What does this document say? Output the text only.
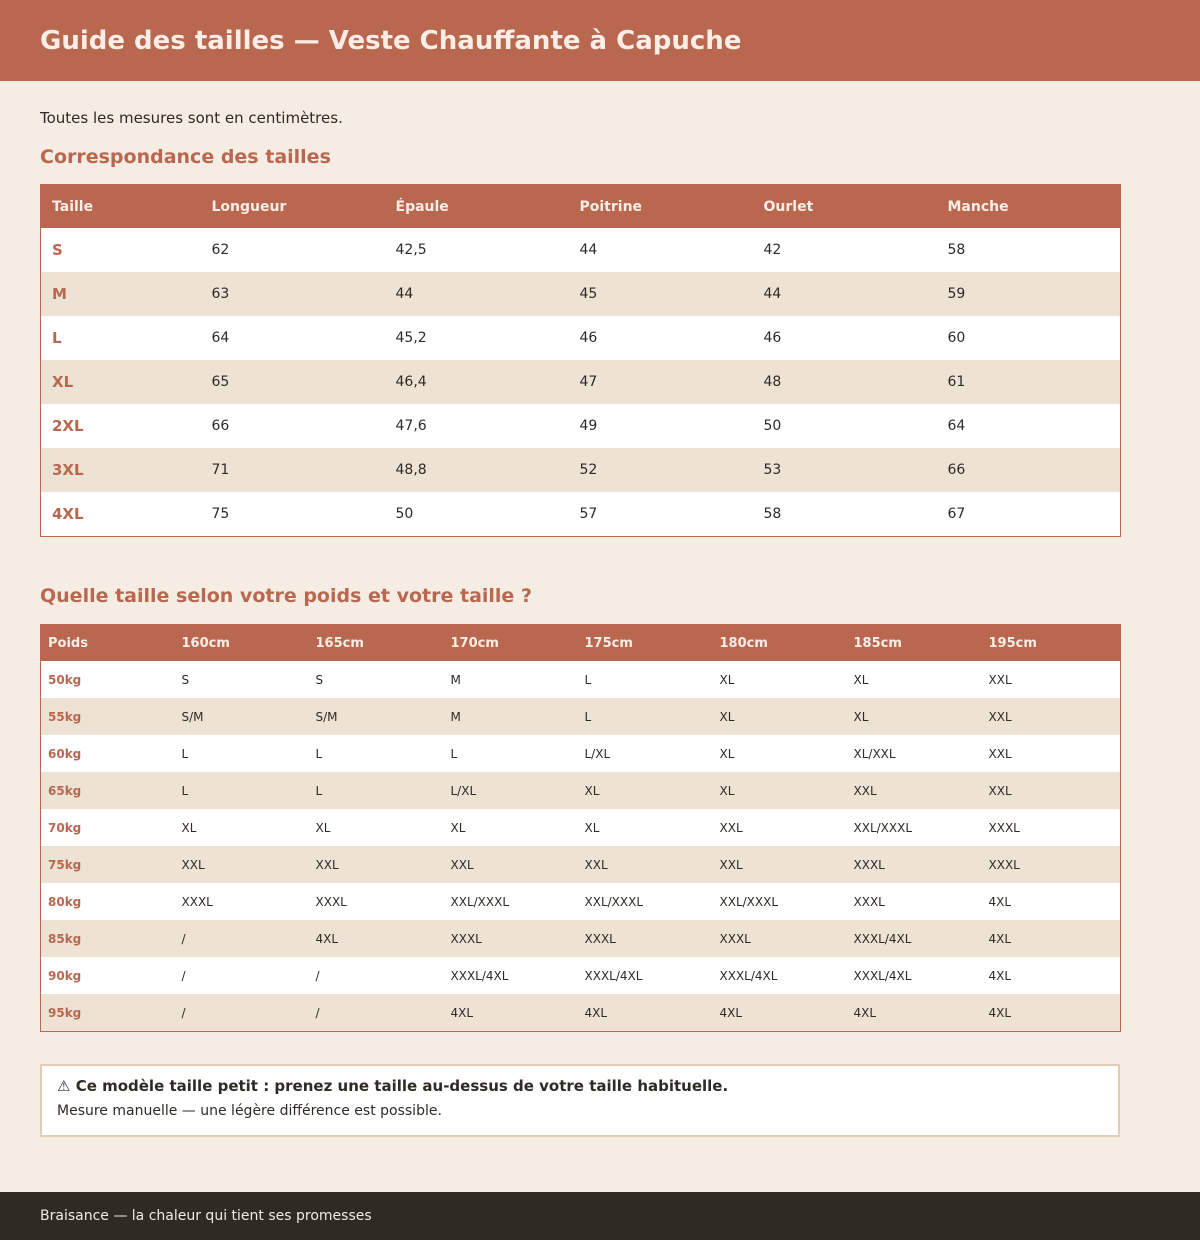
Guide des tailles — Veste Chauffante à Capuche

Toutes les mesures sont en centimètres.

Correspondance des tailles
Taille	Longueur	Épaule	Poitrine	Ourlet	Manche
S	62	42,5	44	42	58
M	63	44	45	44	59
L	64	45,2	46	46	60
XL	65	46,4	47	48	61
2XL	66	47,6	49	50	64
3XL	71	48,8	52	53	66
4XL	75	50	57	58	67
Quelle taille selon votre poids et votre taille ?
Poids	160cm	165cm	170cm	175cm	180cm	185cm	195cm
50kg	S	S	M	L	XL	XL	XXL
55kg	S/M	S/M	M	L	XL	XL	XXL
60kg	L	L	L	L/XL	XL	XL/XXL	XXL
65kg	L	L	L/XL	XL	XL	XXL	XXL
70kg	XL	XL	XL	XL	XXL	XXL/XXXL	XXXL
75kg	XXL	XXL	XXL	XXL	XXL	XXXL	XXXL
80kg	XXXL	XXXL	XXL/XXXL	XXL/XXXL	XXL/XXXL	XXXL	4XL
85kg	/	4XL	XXXL	XXXL	XXXL	XXXL/4XL	4XL
90kg	/	/	XXXL/4XL	XXXL/4XL	XXXL/4XL	XXXL/4XL	4XL
95kg	/	/	4XL	4XL	4XL	4XL	4XL
⚠ Ce modèle taille petit : prenez une taille au-dessus de votre taille habituelle.
Mesure manuelle — une légère différence est possible.
Braisance — la chaleur qui tient ses promesses
